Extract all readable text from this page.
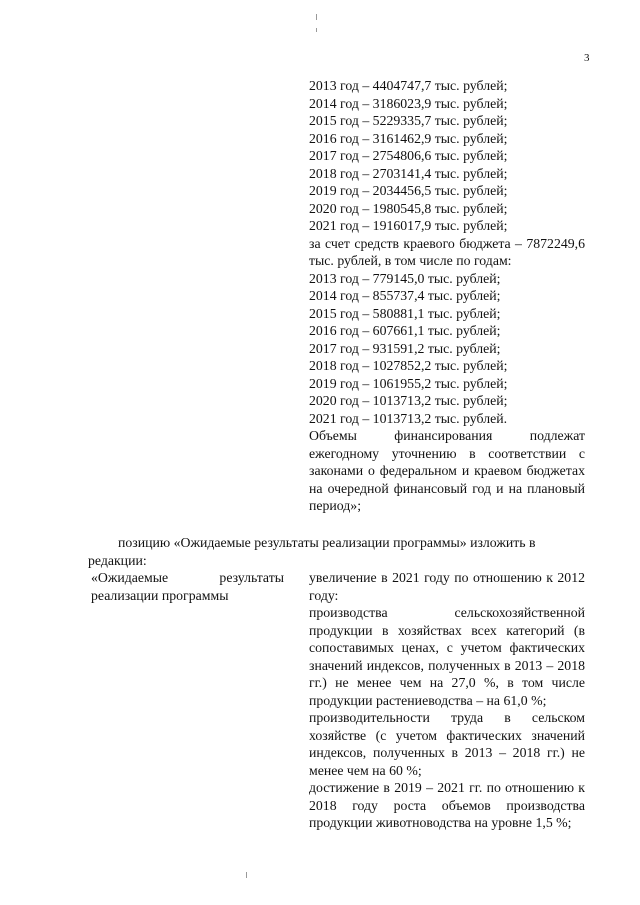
3
2013 год – 4404747,7 тыс. рублей;
2014 год – 3186023,9 тыс. рублей;
2015 год – 5229335,7 тыс. рублей;
2016 год – 3161462,9 тыс. рублей;
2017 год – 2754806,6 тыс. рублей;
2018 год – 2703141,4 тыс. рублей;
2019 год – 2034456,5 тыс. рублей;
2020 год – 1980545,8 тыс. рублей;
2021 год – 1916017,9 тыс. рублей;
за счет средств краевого бюджета – 7872249,6 тыс. рублей, в том числе по годам:
2013 год – 779145,0 тыс. рублей;
2014 год – 855737,4 тыс. рублей;
2015 год – 580881,1 тыс. рублей;
2016 год – 607661,1 тыс. рублей;
2017 год – 931591,2 тыс. рублей;
2018 год – 1027852,2 тыс. рублей;
2019 год – 1061955,2 тыс. рублей;
2020 год – 1013713,2 тыс. рублей;
2021 год – 1013713,2 тыс. рублей.
Объемы финансирования подлежат ежегодному уточнению в соответствии с законами о федеральном и краевом бюджетах на очередной финансовый год и на плановый период»;
позицию «Ожидаемые результаты реализации программы» изложить в
редакции:
«Ожидаемые результаты реализации программы
увеличение в 2021 году по отношению к 2012 году:
производства сельскохозяйственной продукции в хозяйствах всех категорий (в сопоставимых ценах, с учетом фактических значений индексов, полученных в 2013 – 2018 гг.) не менее чем на 27,0 %, в том числе продукции растениеводства – на 61,0 %;
производительности труда в сельском хозяйстве (с учетом фактических значений индексов, полученных в 2013 – 2018 гг.) не менее чем на 60 %;
достижение в 2019 – 2021 гг. по отношению к 2018 году роста объемов производства продукции животноводства на уровне 1,5 %;
